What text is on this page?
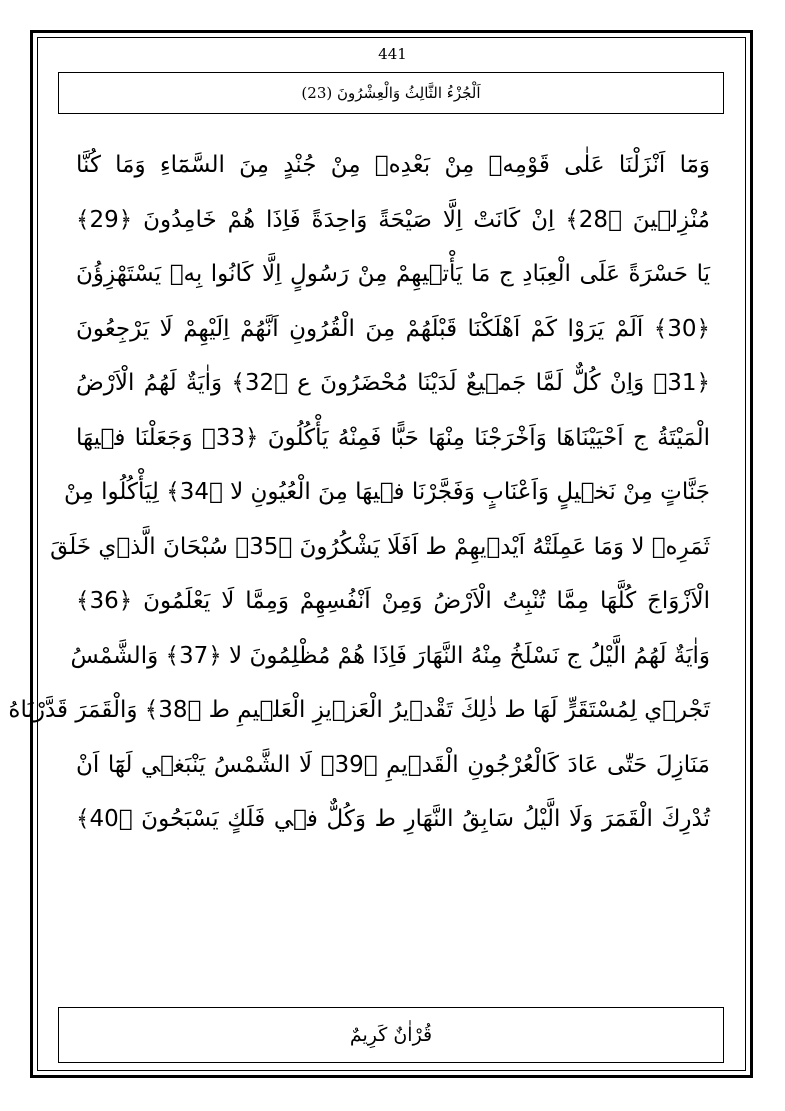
441
اَلْجُزْءُ الثَّالِثُ وَالْعِشْرُونَ (23)
وَمَٓا اَنْزَلْنَا عَلٰى قَوْمِه۪ مِنْ بَعْدِه۪ مِنْ جُنْدٍ مِنَ السَّمَٓاءِ وَمَا كُنَّا
مُنْزِل۪ينَ ﴿28﴾ اِنْ كَانَتْ اِلَّا صَيْحَةً وَاحِدَةً فَاِذَا هُمْ خَامِدُونَ ﴿29﴾
يَا حَسْرَةً عَلَى الْعِبَادِ ج مَا يَأْت۪يهِمْ مِنْ رَسُولٍ اِلَّا كَانُوا بِه۪ يَسْتَهْزِؤُنَ
﴿30﴾ اَلَمْ يَرَوْا كَمْ اَهْلَكْنَا قَبْلَهُمْ مِنَ الْقُرُونِ اَنَّهُمْ اِلَيْهِمْ لَا يَرْجِعُونَ
﴿31﴾ وَاِنْ كُلٌّ لَمَّا جَم۪يعٌ لَدَيْنَا مُحْضَرُونَ ع ﴿32﴾ وَاٰيَةٌ لَهُمُ الْاَرْضُ
الْمَيْتَةُ ج اَحْيَيْنَاهَا وَاَخْرَجْنَا مِنْهَا حَبًّا فَمِنْهُ يَأْكُلُونَ ﴿33﴾ وَجَعَلْنَا ف۪يهَا
جَنَّاتٍ مِنْ نَخ۪يلٍ وَاَعْنَابٍ وَفَجَّرْنَا ف۪يهَا مِنَ الْعُيُونِ لا ﴿34﴾ لِيَأْكُلُوا مِنْ
ثَمَرِه۪ لا وَمَا عَمِلَتْهُ اَيْد۪يهِمْ ط اَفَلَا يَشْكُرُونَ ﴿35﴾ سُبْحَانَ الَّذ۪ي خَلَقَ
الْاَزْوَاجَ كُلَّهَا مِمَّا تُنْبِتُ الْاَرْضُ وَمِنْ اَنْفُسِهِمْ وَمِمَّا لَا يَعْلَمُونَ ﴿36﴾
وَاٰيَةٌ لَهُمُ الَّيْلُ ج نَسْلَخُ مِنْهُ النَّهَارَ فَاِذَا هُمْ مُظْلِمُونَ لا ﴿37﴾ وَالشَّمْسُ
تَجْر۪ي لِمُسْتَقَرٍّ لَهَا ط ذٰلِكَ تَقْد۪يرُ الْعَز۪يزِ الْعَل۪يمِ ط ﴿38﴾ وَالْقَمَرَ قَدَّرْنَاهُ
مَنَازِلَ حَتّٰى عَادَ كَالْعُرْجُونِ الْقَد۪يمِ ﴿39﴾ لَا الشَّمْسُ يَنْبَغ۪ي لَهَٓا اَنْ
تُدْرِكَ الْقَمَرَ وَلَا الَّيْلُ سَابِقُ النَّهَارِ ط وَكُلٌّ ف۪ي فَلَكٍ يَسْبَحُونَ ﴿40﴾
قُرْاٰنٌ كَرِيمٌ
